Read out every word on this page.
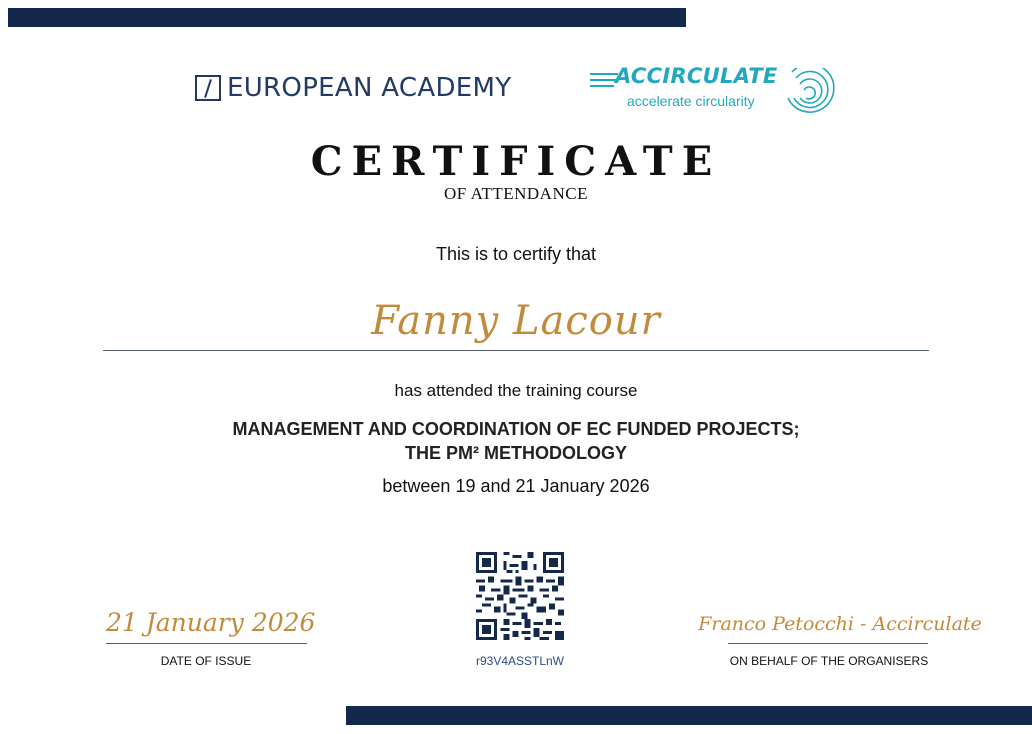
EUROPEAN ACADEMY	ACCIRCULATE
accelerate circularity
CERTIFICATE
OF ATTENDANCE
This is to certify that
Fanny Lacour
has attended the training course
MANAGEMENT AND COORDINATION OF EC FUNDED PROJECTS;
THE PM² METHODOLOGY
between 19 and 21 January 2026
r93V4ASSTLnW
21 January 2026
DATE OF ISSUE
Franco Petocchi - Accirculate
ON BEHALF OF THE ORGANISERS
